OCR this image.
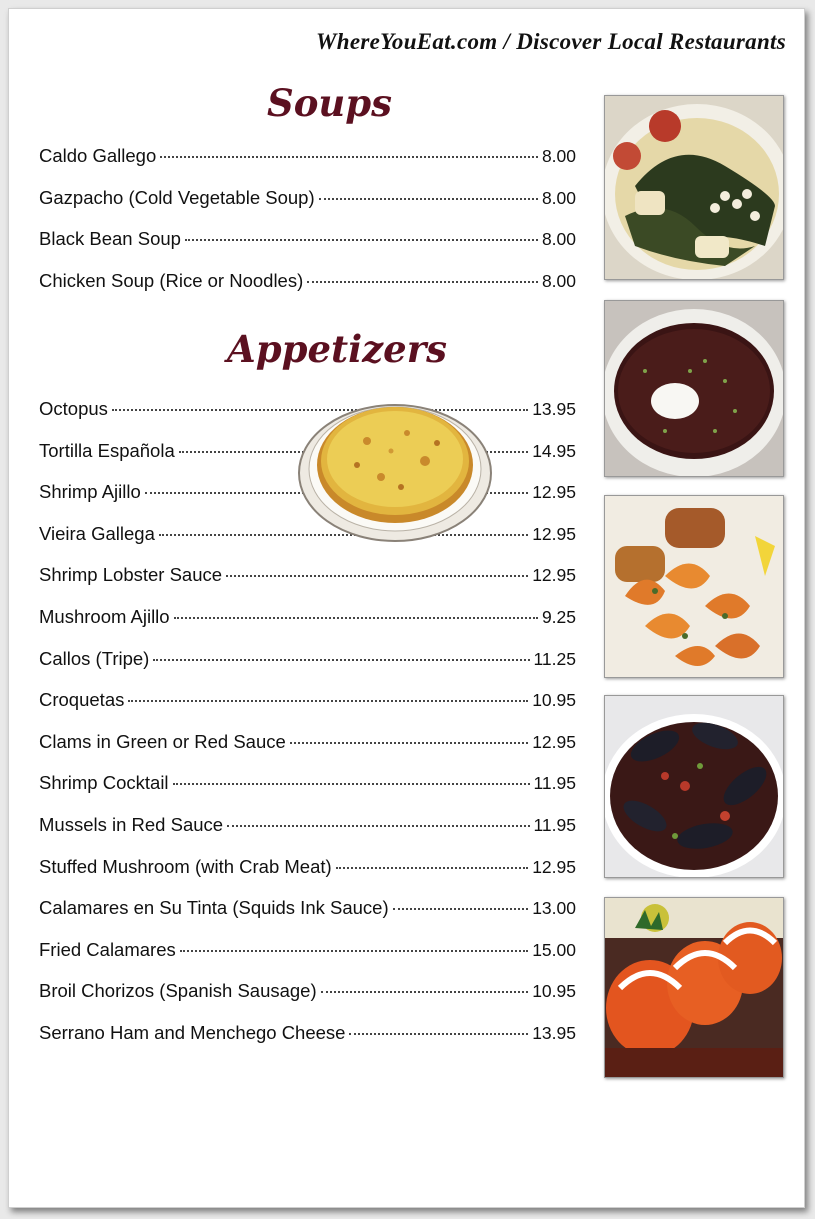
WhereYouEat.com / Discover Local Restaurants
Soups
Caldo Gallego	8.00
Gazpacho (Cold Vegetable Soup)	8.00
Black Bean Soup	8.00
Chicken Soup (Rice or Noodles)	8.00
Appetizers
Octopus	13.95
Tortilla Española	14.95
Shrimp Ajillo	12.95
Vieira Gallega	12.95
Shrimp Lobster Sauce	12.95
Mushroom Ajillo	9.25
Callos (Tripe)	11.25
Croquetas	10.95
Clams in Green or Red Sauce	12.95
Shrimp Cocktail	11.95
Mussels in Red Sauce	11.95
Stuffed Mushroom (with Crab Meat)	12.95
Calamares en Su Tinta (Squids Ink Sauce)	13.00
Fried Calamares	15.00
Broil Chorizos (Spanish Sausage)	10.95
Serrano Ham and Menchego Cheese	13.95
